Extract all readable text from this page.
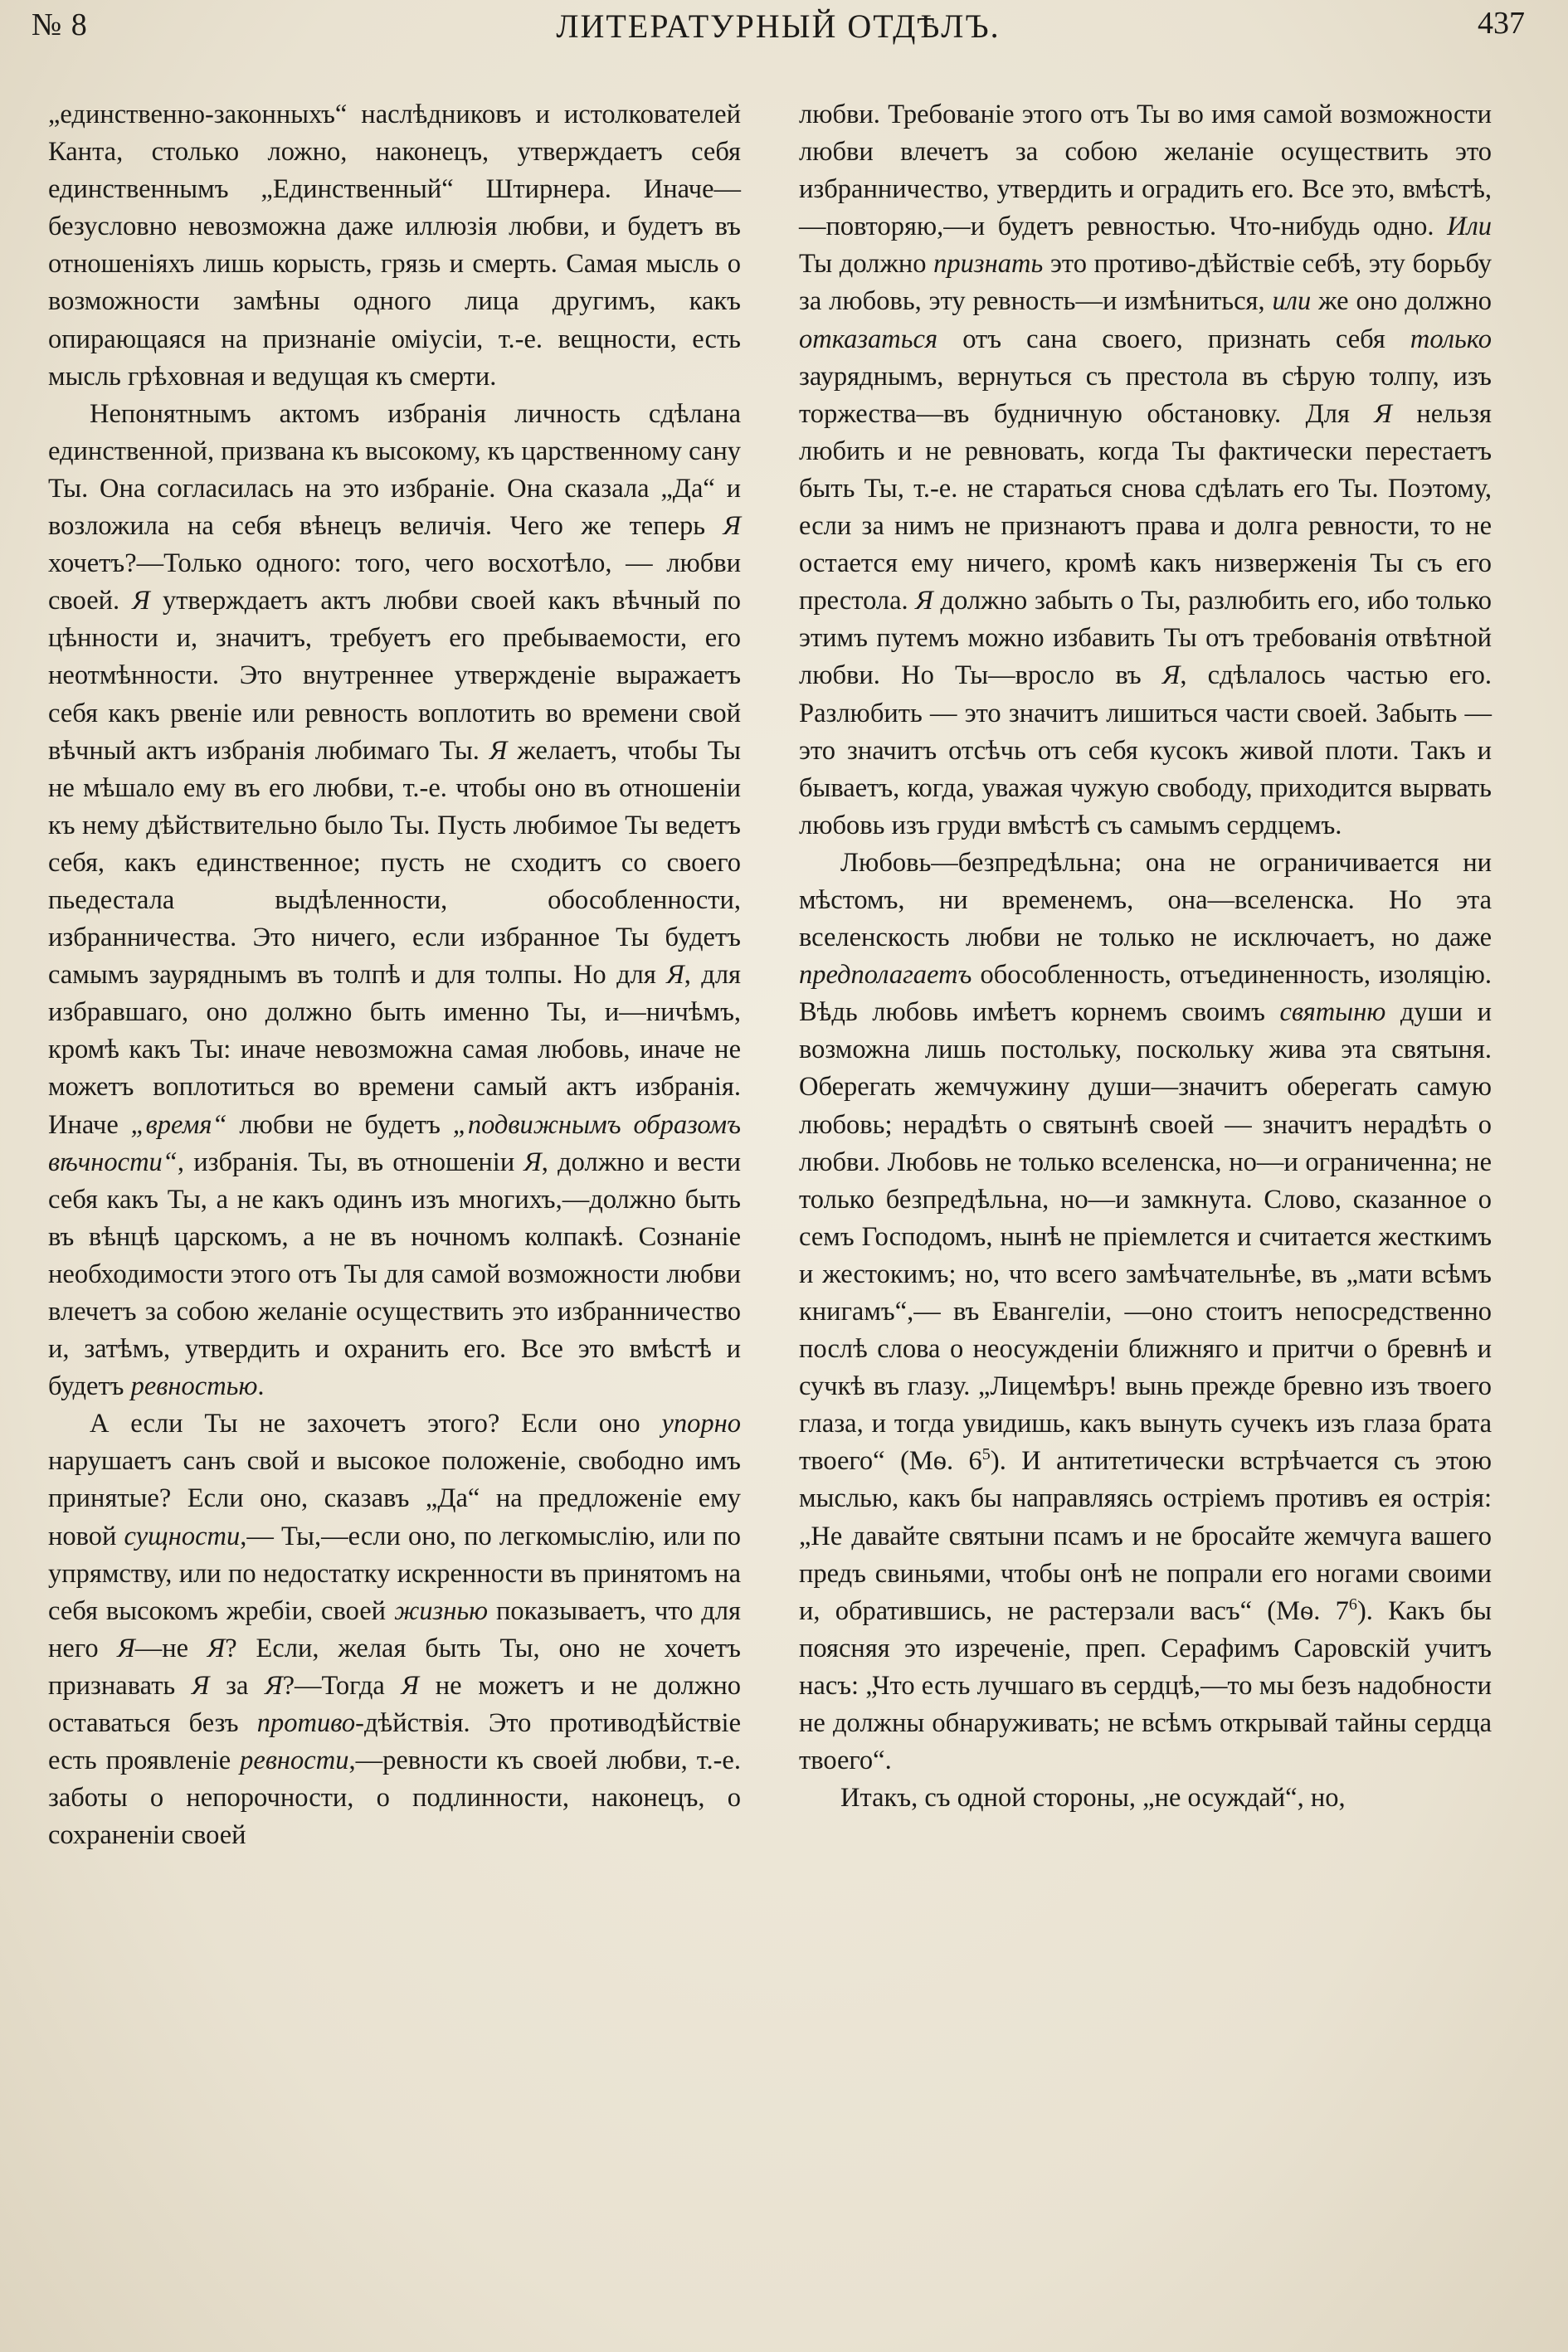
№ 8	ЛИТЕРАТУРНЫЙ ОТДѢЛЪ.	437

„единственно-законныхъ“ наслѣдниковъ и истолкователей Канта, столько ложно, наконецъ, утверждаетъ себя единственнымъ „Единственный“ Штирнера. Иначе—безусловно невозможна даже иллюзія любви, и будетъ въ отношеніяхъ лишь корысть, грязь и смерть. Самая мысль о возможности замѣны одного лица другимъ, какъ опирающаяся на признаніе омiусiи, т.-е. вещности, есть мысль грѣховная и ведущая къ смерти.

Непонятнымъ актомъ избранія личность сдѣлана единственной, призвана къ высокому, къ царственному сану Ты. Она согласилась на это избраніе. Она сказала „Да“ и возложила на себя вѣнецъ величія. Чего же теперь Я хочетъ?—Только одного: того, чего восхотѣло, — любви своей. Я утверждаетъ актъ любви своей какъ вѣчный по цѣнности и, значитъ, требуетъ его пребываемости, его неотмѣнности. Это внутреннее утвержденіе выражаетъ себя какъ рвеніе или ревность воплотить во времени свой вѣчный актъ избранія любимаго Ты. Я желаетъ, чтобы Ты не мѣшало ему въ его любви, т.-е. чтобы оно въ отношеніи къ нему дѣйствительно было Ты. Пусть любимое Ты ведетъ себя, какъ единственное; пусть не сходитъ со своего пьедестала выдѣленности, обособленности, избранничества. Это ничего, если избранное Ты будетъ самымъ зауряднымъ въ толпѣ и для толпы. Но для Я, для избравшаго, оно должно быть именно Ты, и—ничѣмъ, кромѣ какъ Ты: иначе невозможна самая любовь, иначе не можетъ воплотиться во времени самый актъ избранія. Иначе „время“ любви не будетъ „подвижнымъ образомъ вѣчности“, избранія. Ты, въ отношеніи Я, должно и вести себя какъ Ты, а не какъ одинъ изъ многихъ,—должно быть въ вѣнцѣ царскомъ, а не въ ночномъ колпакѣ. Сознаніе необходимости этого отъ Ты для самой возможности любви влечетъ за собою желаніе осуществить это избранничество и, затѣмъ, утвердить и охранить его. Все это вмѣстѣ и будетъ ревностью.

А если Ты не захочетъ этого? Если оно упорно нарушаетъ санъ свой и высокое положеніе, свободно имъ принятые? Если оно, сказавъ „Да“ на предложеніе ему новой сущности,— Ты,—если оно, по легкомыслію, или по упрямству, или по недостатку искренности въ принятомъ на себя высокомъ жребіи, своей жизнью показываетъ, что для него Я—не Я? Если, желая быть Ты, оно не хочетъ признавать Я за Я?—Тогда Я не можетъ и не должно оставаться безъ противо-дѣйствія. Это противодѣйствіе есть проявленіе ревности,—ревности къ своей любви, т.-е. заботы о непорочности, о подлинности, наконецъ, о сохраненіи своей

любви. Требованіе этого отъ Ты во имя самой возможности любви влечетъ за собою желаніе осуществить это избранничество, утвердить и оградить его. Все это, вмѣстѣ,—повторяю,—и будетъ ревностью. Что-нибудь одно. Или Ты должно признать это противо-дѣйствіе себѣ, эту борьбу за любовь, эту ревность—и измѣниться, или же оно должно отказаться отъ сана своего, признать себя только зауряднымъ, вернуться съ престола въ сѣрую толпу, изъ торжества—въ будничную обстановку. Для Я нельзя любить и не ревновать, когда Ты фактически перестаетъ быть Ты, т.-е. не стараться снова сдѣлать его Ты. Поэтому, если за нимъ не признаютъ права и долга ревности, то не остается ему ничего, кромѣ какъ низверженія Ты съ его престола. Я должно забыть о Ты, разлюбить его, ибо только этимъ путемъ можно избавить Ты отъ требованія отвѣтной любви. Но Ты—вросло въ Я, сдѣлалось частью его. Разлюбить — это значитъ лишиться части своей. Забыть — это значитъ отсѣчь отъ себя кусокъ живой плоти. Такъ и бываетъ, когда, уважая чужую свободу, приходится вырвать любовь изъ груди вмѣстѣ съ самымъ сердцемъ.

Любовь—безпредѣльна; она не ограничивается ни мѣстомъ, ни временемъ, она—вселенска. Но эта вселенскость любви не только не исключаетъ, но даже предполагаетъ обособленность, отъединенность, изоляцію. Вѣдь любовь имѣетъ корнемъ своимъ святыню души и возможна лишь постольку, поскольку жива эта святыня. Оберегать жемчужину души—значитъ оберегать самую любовь; нерадѣть о святынѣ своей — значитъ нерадѣть о любви. Любовь не только вселенска, но—и ограниченна; не только безпредѣльна, но—и замкнута. Слово, сказанное о семъ Господомъ, нынѣ не пріемлется и считается жесткимъ и жестокимъ; но, что всего замѣчательнѣе, въ „мати всѣмъ книгамъ“,— въ Евангеліи, —оно стоитъ непосредственно послѣ слова о неосужденіи ближняго и притчи о бревнѣ и сучкѣ въ глазу. „Лицемѣръ! вынь прежде бревно изъ твоего глаза, и тогда увидишь, какъ вынуть сучекъ изъ глаза брата твоего“ (Мѳ. $6^5$). И антитетически встрѣчается съ этою мыслью, какъ бы направляясь остріемъ противъ ея острія: „Не давайте святыни псамъ и не бросайте жемчуга вашего предъ свиньями, чтобы онѣ не попрали его ногами своими и, обратившись, не растерзали васъ“ (Мѳ. $7^6$). Какъ бы поясняя это изреченіе, преп. Серафимъ Саровскій учитъ насъ: „Что есть лучшаго въ сердцѣ,—то мы безъ надобности не должны обнаруживать; не всѣмъ открывай тайны сердца твоего“.

Итакъ, съ одной стороны, „не осуждай“, но,
